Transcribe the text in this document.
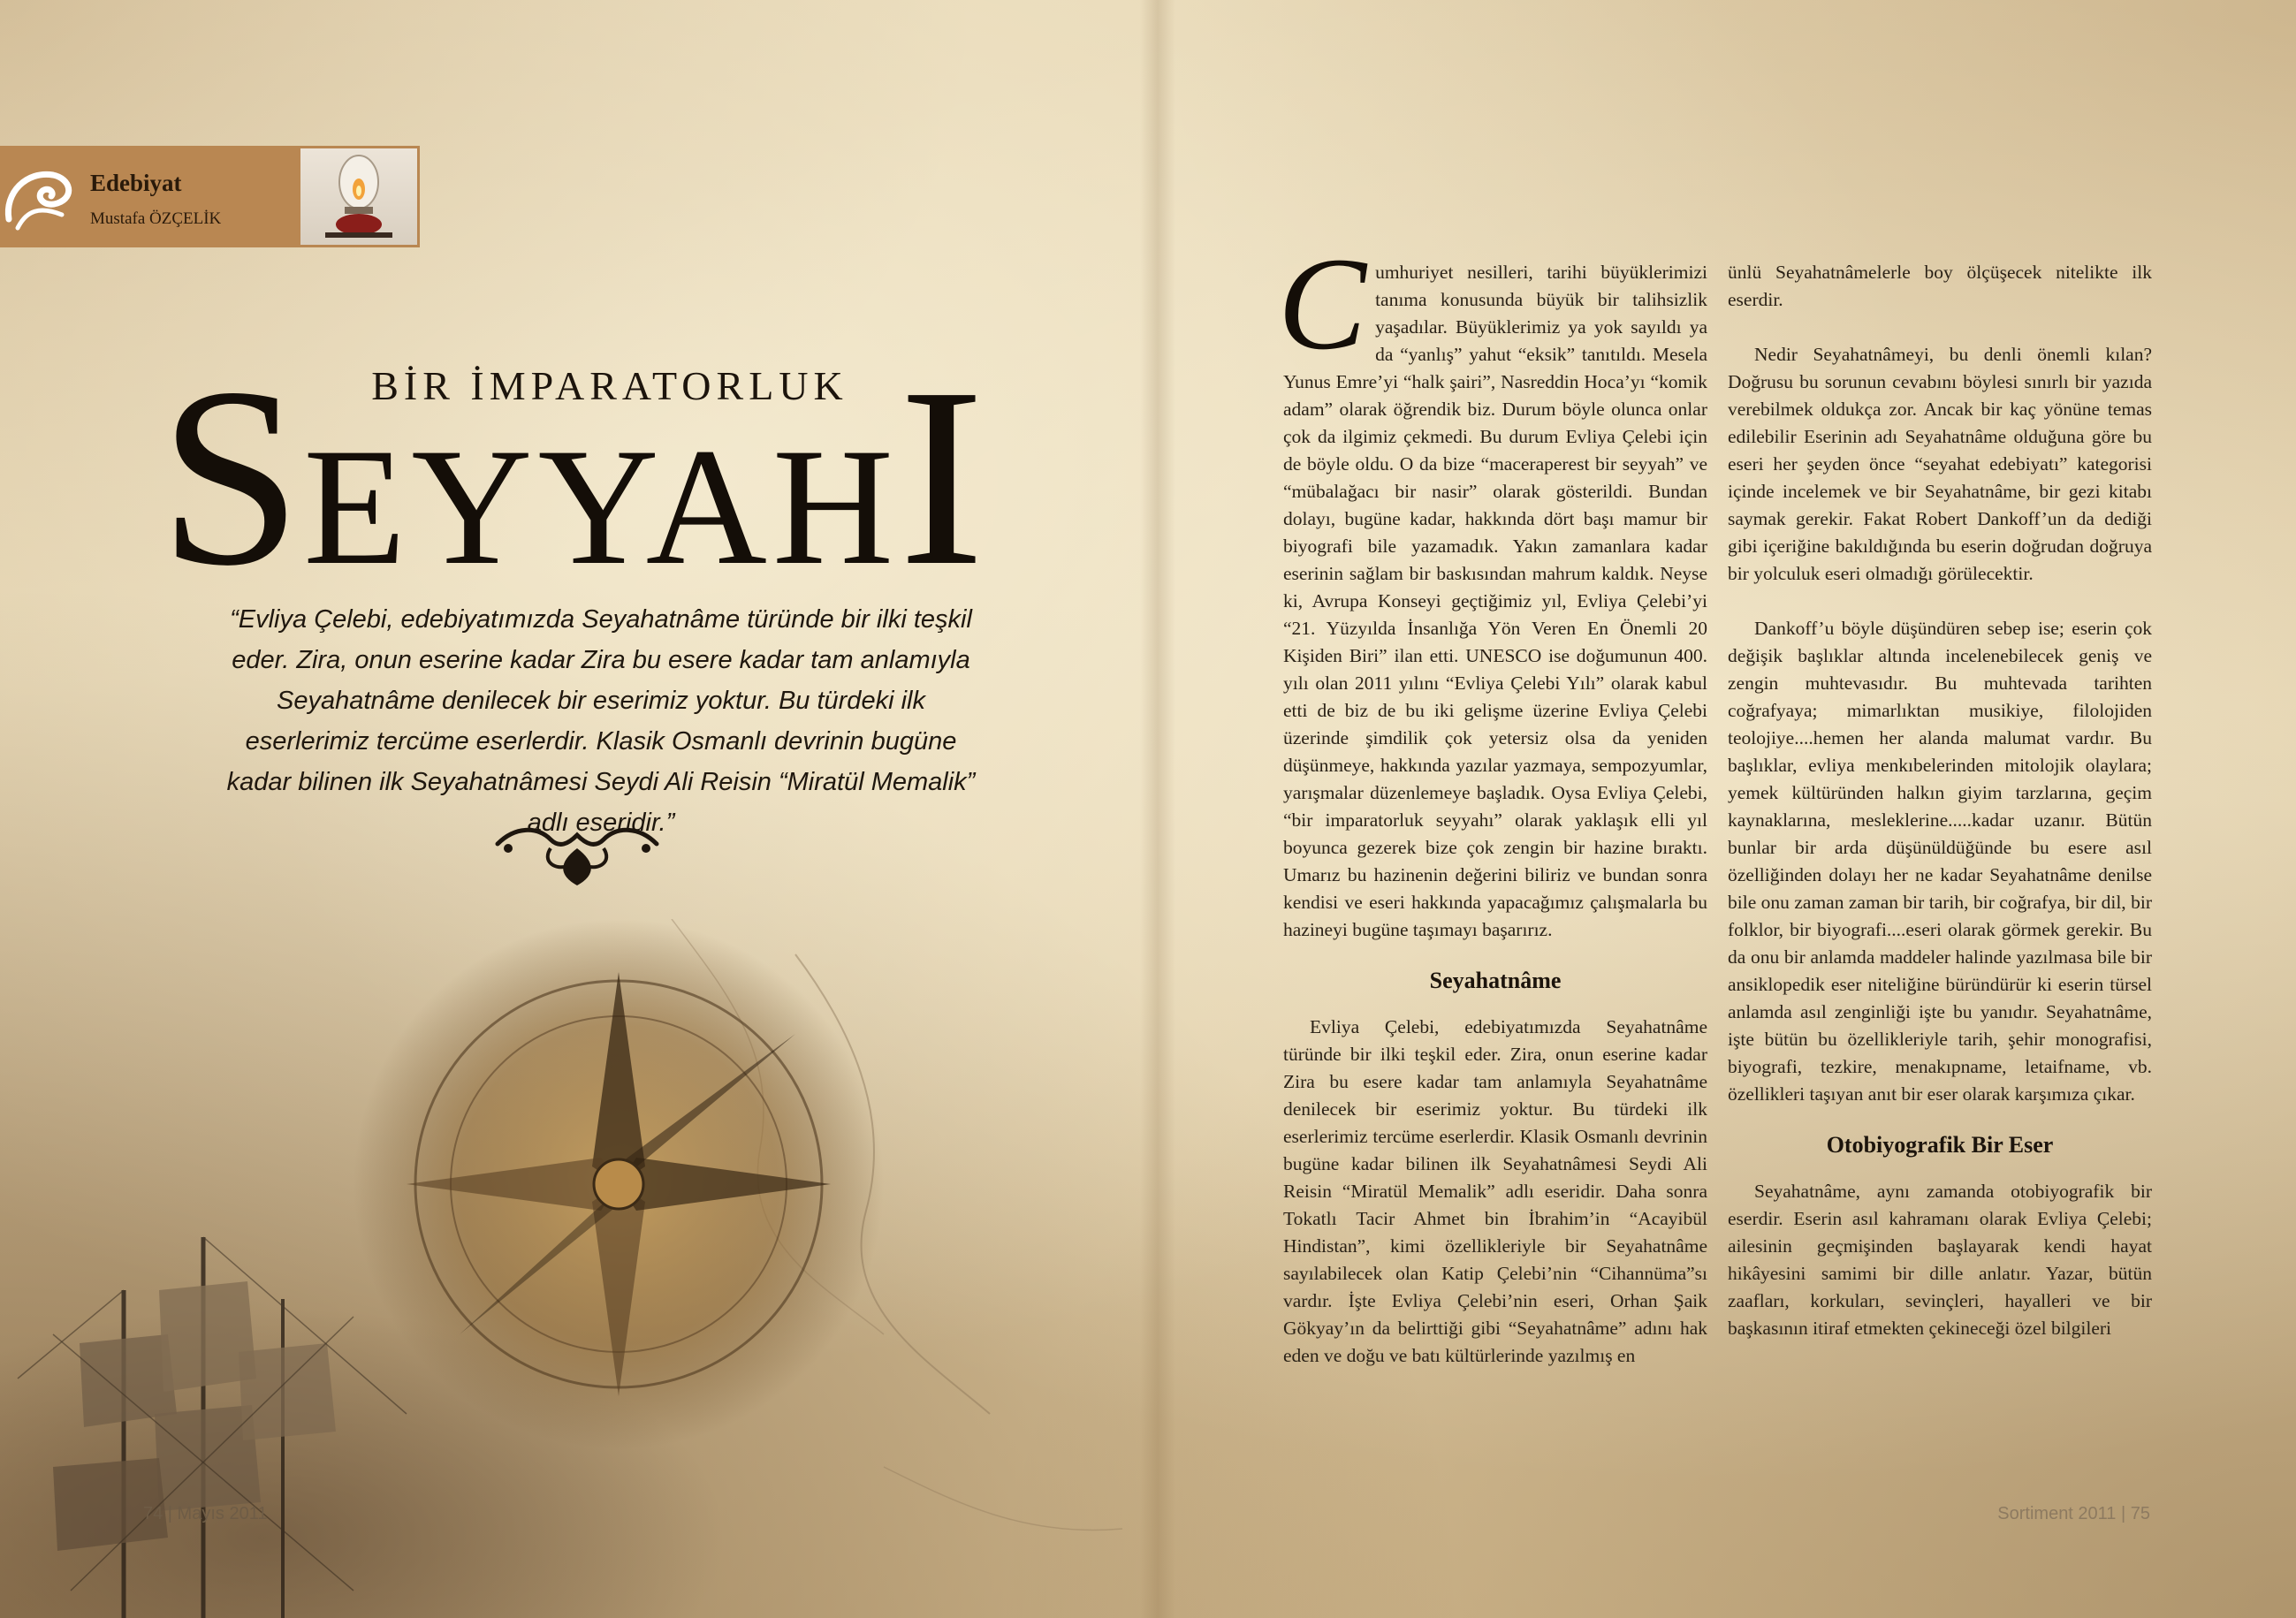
Edebiyat
Mustafa ÖZÇELİK
BİR İMPARATORLUK
SEYYAHI
“Evliya Çelebi, edebiyatımızda Seyahatnâme türünde bir ilki teşkil eder. Zira, onun eserine kadar Zira bu esere kadar tam anlamıyla Seyahatnâme denilecek bir eserimiz yoktur. Bu türdeki ilk eserlerimiz tercüme eserlerdir. Klasik Osmanlı devrinin bugüne kadar bilinen ilk Seyahatnâmesi Seydi Ali Reisin “Miratül Memalik” adlı eseridir.”

Cumhuriyet nesilleri, tarihi büyüklerimizi tanıma konusunda büyük bir talihsizlik yaşadılar. Büyüklerimiz ya yok sayıldı ya da “yanlış” yahut “eksik” tanıtıldı. Mesela Yunus Emre’yi “halk şairi”, Nasreddin Hoca’yı “komik adam” olarak öğrendik biz. Durum böyle olunca onlar çok da ilgimiz çekmedi. Bu durum Evliya Çelebi için de böyle oldu. O da bize “maceraperest bir seyyah” ve “mübalağacı bir nasir” olarak gösterildi. Bundan dolayı, bugüne kadar, hakkında dört başı mamur bir biyografi bile yazamadık. Yakın zamanlara kadar eserinin sağlam bir baskısından mahrum kaldık. Neyse ki, Avrupa Konseyi geçtiğimiz yıl, Evliya Çelebi’yi “21. Yüzyılda İnsanlığa Yön Veren En Önemli 20 Kişiden Biri” ilan etti. UNESCO ise doğumunun 400. yılı olan 2011 yılını “Evliya Çelebi Yılı” olarak kabul etti de biz de bu iki gelişme üzerine Evliya Çelebi üzerinde şimdilik çok yetersiz olsa da yeniden düşünmeye, hakkında yazılar yazmaya, sempozyumlar, yarışmalar düzenlemeye başladık. Oysa Evliya Çelebi, “bir imparatorluk seyyahı” olarak yaklaşık elli yıl boyunca gezerek bize çok zengin bir hazine bıraktı. Umarız bu hazinenin değerini biliriz ve bundan sonra kendisi ve eseri hakkında yapacağımız çalışmalarla bu hazineyi bugüne taşımayı başarırız.

Seyahatnâme

Evliya Çelebi, edebiyatımızda Seyahatnâme türünde bir ilki teşkil eder. Zira, onun eserine kadar Zira bu esere kadar tam anlamıyla Seyahatnâme denilecek bir eserimiz yoktur. Bu türdeki ilk eserlerimiz tercüme eserlerdir. Klasik Osmanlı devrinin bugüne kadar bilinen ilk Seyahatnâmesi Seydi Ali Reisin “Miratül Memalik” adlı eseridir. Daha sonra Tokatlı Tacir Ahmet bin İbrahim’in “Acayibül Hindistan”, kimi özellikleriyle bir Seyahatnâme sayılabilecek olan Katip Çelebi’nin “Cihannüma”sı vardır. İşte Evliya Çelebi’nin eseri, Orhan Şaik Gökyay’ın da belirttiği gibi “Seyahatnâme” adını hak eden ve doğu ve batı kültürlerinde yazılmış en

ünlü Seyahatnâmelerle boy ölçüşecek nitelikte ilk eserdir.

Nedir Seyahatnâmeyi, bu denli önemli kılan? Doğrusu bu sorunun cevabını böylesi sınırlı bir yazıda verebilmek oldukça zor. Ancak bir kaç yönüne temas edilebilir Eserinin adı Seyahatnâme olduğuna göre bu eseri her şeyden önce “seyahat edebiyatı” kategorisi içinde incelemek ve bir Seyahatnâme, bir gezi kitabı saymak gerekir. Fakat Robert Dankoff’un da dediği gibi içeriğine bakıldığında bu eserin doğrudan doğruya bir yolculuk eseri olmadığı görülecektir.

Dankoff’u böyle düşündüren sebep ise; eserin çok değişik başlıklar altında incelenebilecek geniş ve zengin muhtevasıdır. Bu muhtevada tarihten coğrafyaya; mimarlıktan musikiye, filolojiden teolojiye....hemen her alanda malumat vardır. Bu başlıklar, evliya menkıbelerinden mitolojik olaylara; yemek kültüründen halkın giyim tarzlarına, geçim kaynaklarına, mesleklerine.....kadar uzanır. Bütün bunlar bir arda düşünüldüğünde bu esere asıl özelliğinden dolayı her ne kadar Seyahatnâme denilse bile onu zaman zaman bir tarih, bir coğrafya, bir dil, bir folklor, bir biyografi....eseri olarak görmek gerekir. Bu da onu bir anlamda maddeler halinde yazılmasa bile bir ansiklopedik eser niteliğine büründürür ki eserin türsel anlamda asıl zenginliği işte bu yanıdır. Seyahatnâme, işte bütün bu özellikleriyle tarih, şehir monografisi, biyografi, tezkire, menakıpname, letaifname, vb. özellikleri taşıyan anıt bir eser olarak karşımıza çıkar.

Otobiyografik Bir Eser

Seyahatnâme, aynı zamanda otobiyografik bir eserdir. Eserin asıl kahramanı olarak Evliya Çelebi; ailesinin geçmişinden başlayarak kendi hayat hikâyesini samimi bir dille anlatır. Yazar, bütün zaafları, korkuları, sevinçleri, hayalleri ve bir başkasının itiraf etmekten çekineceği özel bilgileri

74 | Mayıs 2011	Sortiment 2011 | 75
